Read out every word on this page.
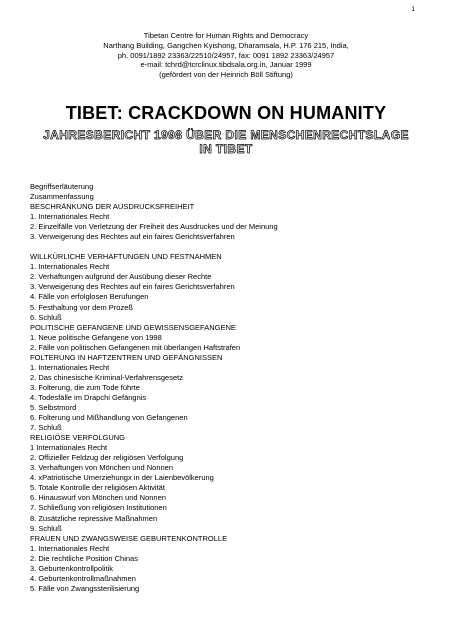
1
Tibetan Centre for Human Rights and Democracy
Narthang Building, Gangchen Kyishong, Dharamsala, H.P. 176 215, India,
ph. 0091/1892 23363/22510/24957, fax: 0091 1892 23363/24957
e-mail: tchrd@tcrclinux.tibdsala.org.in, Januar 1999
(gefördert von der Heinrich Böll Stiftung)
TIBET: CRACKDOWN ON HUMANITY
JAHRESBERICHT 1998 ÜBER DIE MENSCHENRECHTSLAGE
IN TIBET
Begriffserläuterung
Zusammenfassung
BESCHRÄNKUNG DER AUSDRUCKSFREIHEIT
1. Internationales Recht
2. Einzelfälle von Verletzung der Freiheit des Ausdruckes und der Meinung
3. Verweigerung des Rechtes auf ein faires Gerichtsverfahren
WILLKÜRLICHE VERHAFTUNGEN UND FESTNAHMEN
1. Internationales Recht
2. Verhaftungen aufgrund der Ausübung dieser Rechte
3. Verweigerung des Rechtes auf ein faires Gerichtsverfahren
4. Fälle von erfolglosen Berufungen
5. Festhaltung vor dem Prozeß
6. Schluß
POLITISCHE GEFANGENE UND GEWISSENSGEFANGENE
1. Neue politische Gefangene von 1998
2. Fälle von politischen Gefangenen mit überlangen Haftstrafen
FOLTERUNG IN HAFTZENTREN UND GEFÄNGNISSEN
1. Internationales Recht
2. Das chinesische Kriminal-Verfahrensgesetz
3. Folterung, die zum Tode führte
4. Todesfälle im Drapchi Gefängnis
5. Selbstmord
6. Folterung und Mißhandlung von Gefangenen
7. Schluß
RELIGIÖSE VERFOLGUNG
1 Internationales Recht
2. Offizieller Feldzug der religiösen Verfolgung
3. Verhaftungen von Mönchen und Nonnen
4. xPatriotische Umerziehungx in der Laienbevölkerung
5. Totale Kontrolle der religiösen Aktivität
6. Hinauswurf von Mönchen und Nonnen
7. Schließung von religiösen Institutionen
8. Zusätzliche repressive Maßnahmen
9. Schluß
FRAUEN UND ZWANGSWEISE GEBURTENKONTROLLE
1. Internationales Recht
2. Die rechtliche Position Chinas
3. Geburtenkontrollpolitik
4. Geburtenkontrollmaßnahmen
5. Fälle von Zwangssterilisierung
